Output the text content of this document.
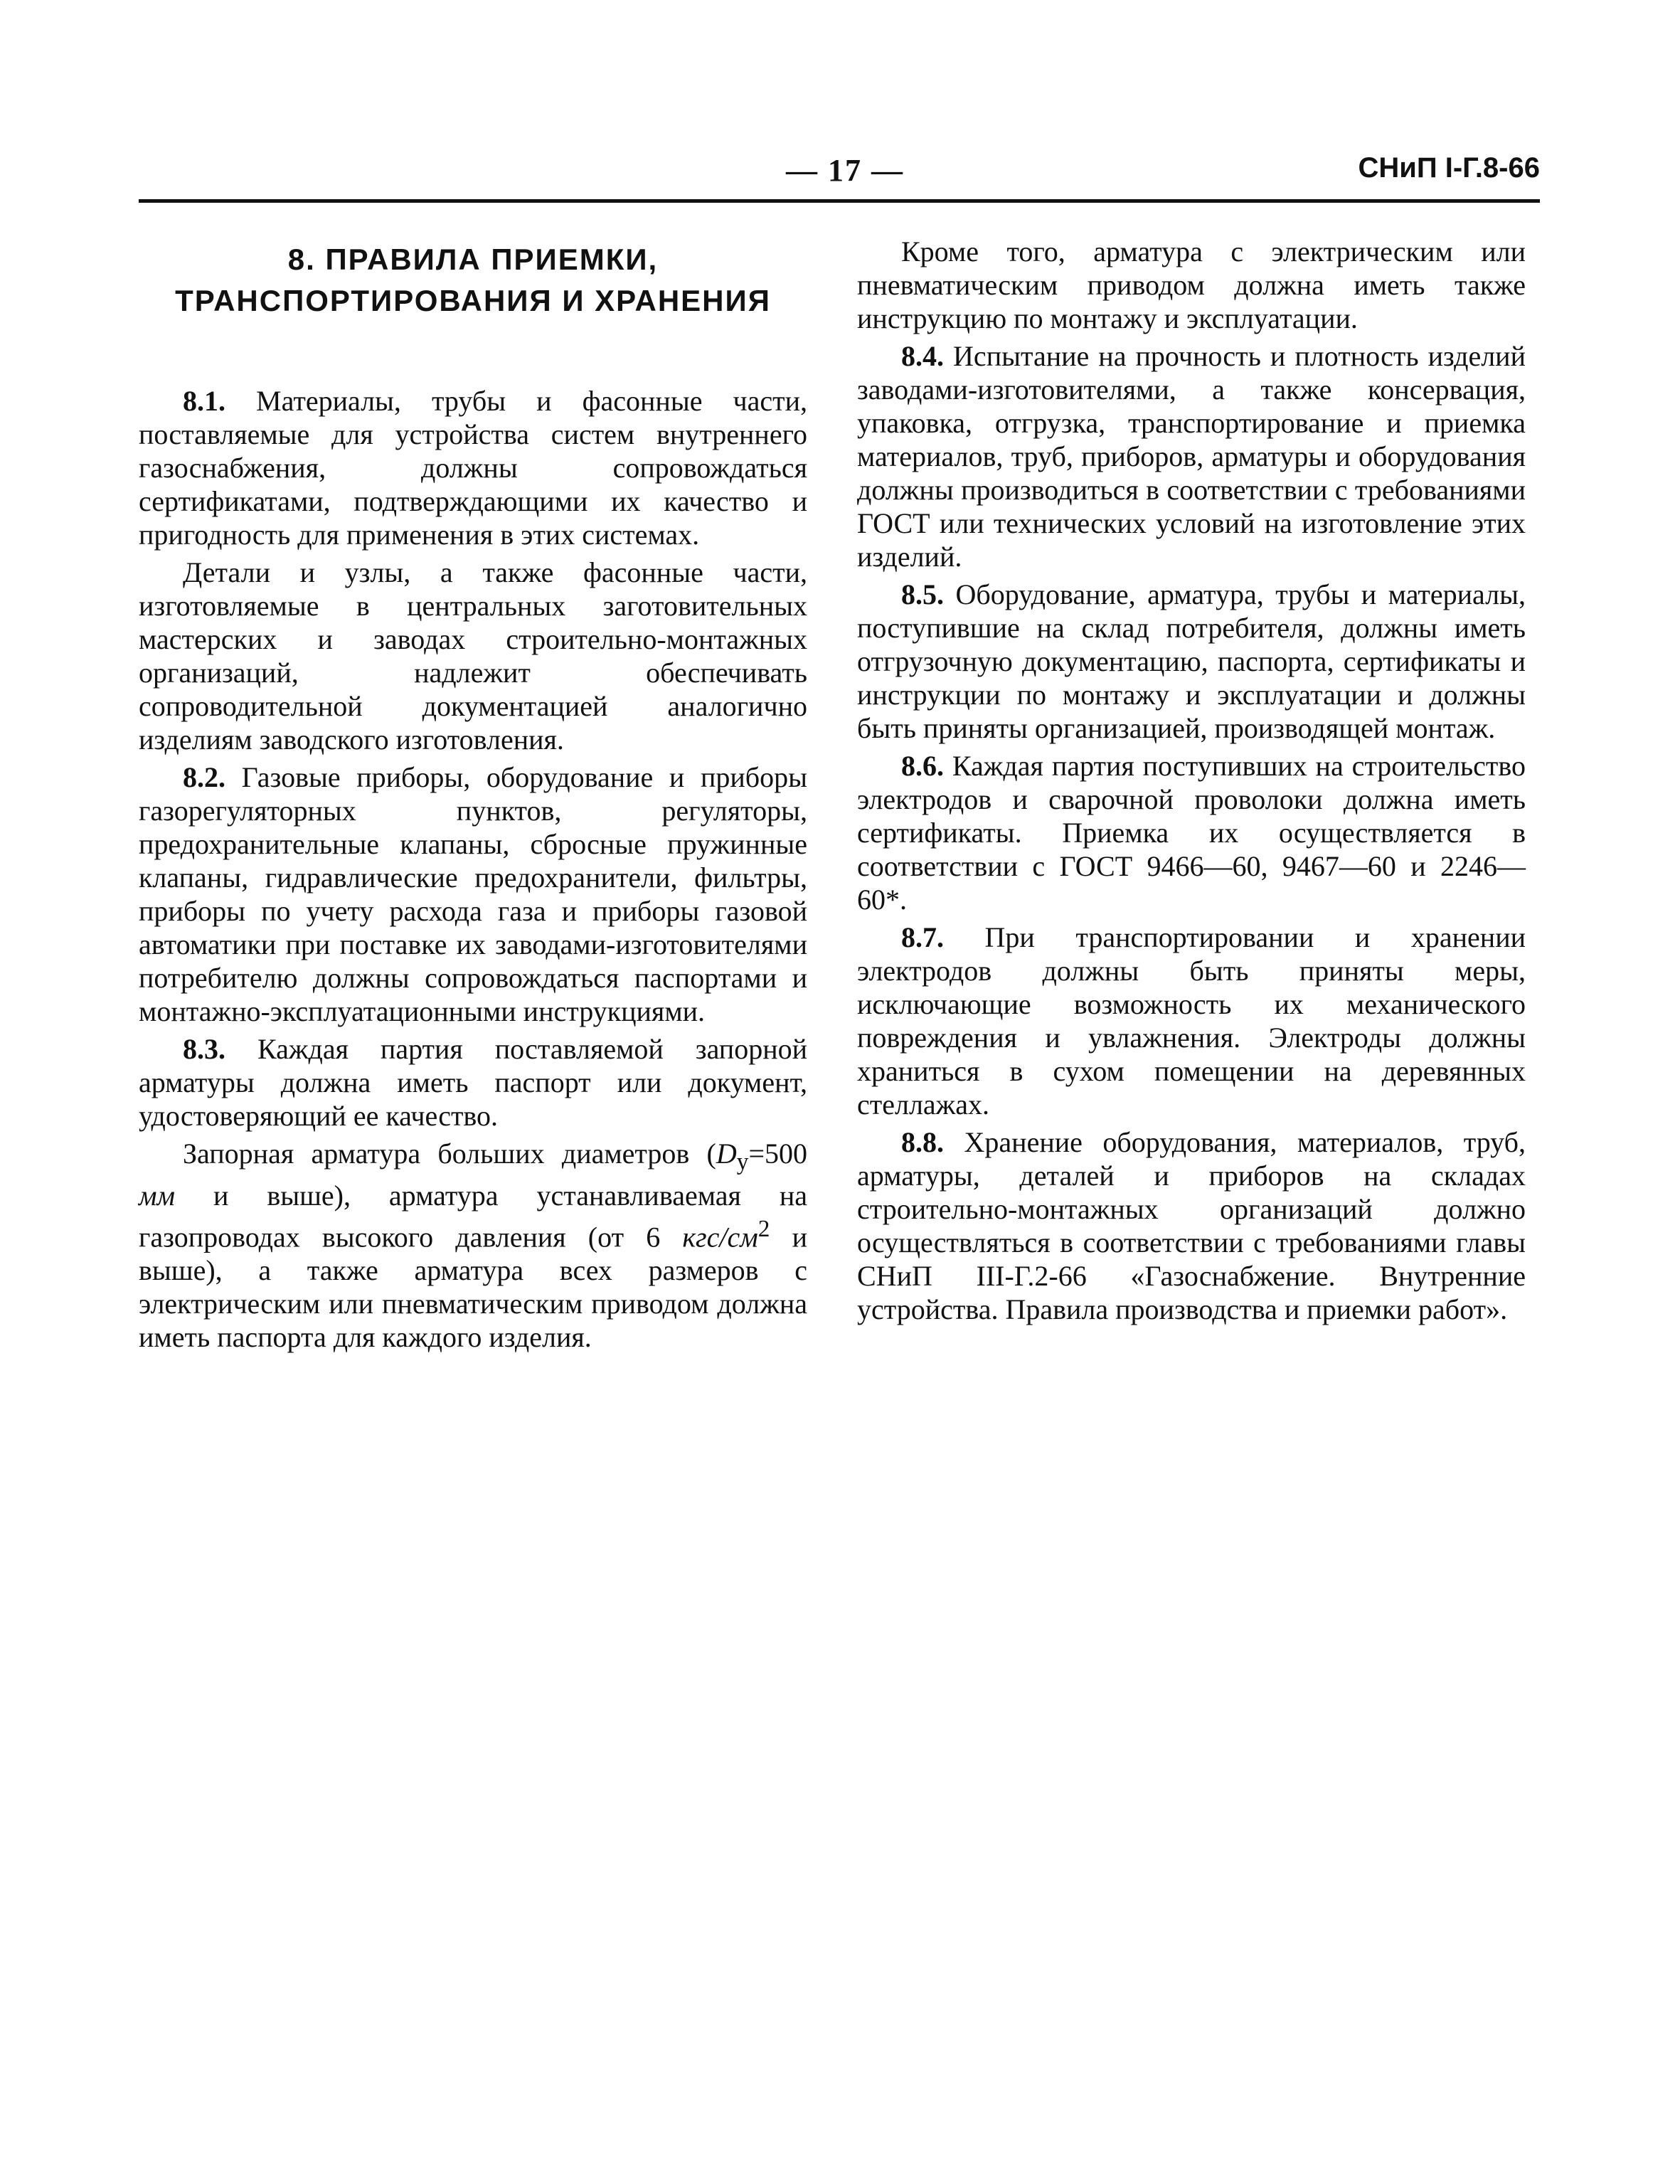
— 17 —	СНиП I-Г.8-66
8. ПРАВИЛА ПРИЕМКИ,
ТРАНСПОРТИРОВАНИЯ И ХРАНЕНИЯ

8.1. Материалы, трубы и фасонные части, поставляемые для устройства систем внутреннего газоснабжения, должны сопровождаться сертификатами, подтверждающими их качество и пригодность для применения в этих системах.

Детали и узлы, а также фасонные части, изготовляемые в центральных заготовительных мастерских и заводах строительно-монтажных организаций, надлежит обеспечивать сопроводительной документацией аналогично изделиям заводского изготовления.

8.2. Газовые приборы, оборудование и приборы газорегуляторных пунктов, регуляторы, предохранительные клапаны, сбросные пружинные клапаны, гидравлические предохранители, фильтры, приборы по учету расхода газа и приборы газовой автоматики при поставке их заводами-изготовителями потребителю должны сопровождаться паспортами и монтажно-эксплуатационными инструкциями.

8.3. Каждая партия поставляемой запорной арматуры должна иметь паспорт или документ, удостоверяющий ее качество.

Запорная арматура больших диаметров ($D_у=500$ мм и выше), арматура устанавливаемая на газопроводах высокого давления (от 6 кгс/$см^2$ и выше), а также арматура всех размеров с электрическим или пневматическим приводом должна иметь паспорта для каждого изделия.

Кроме того, арматура с электрическим или пневматическим приводом должна иметь также инструкцию по монтажу и эксплуатации.

8.4. Испытание на прочность и плотность изделий заводами-изготовителями, а также консервация, упаковка, отгрузка, транспортирование и приемка материалов, труб, приборов, арматуры и оборудования должны производиться в соответствии с требованиями ГОСТ или технических условий на изготовление этих изделий.

8.5. Оборудование, арматура, трубы и материалы, поступившие на склад потребителя, должны иметь отгрузочную документацию, паспорта, сертификаты и инструкции по монтажу и эксплуатации и должны быть приняты организацией, производящей монтаж.

8.6. Каждая партия поступивших на строительство электродов и сварочной проволоки должна иметь сертификаты. Приемка их осуществляется в соответствии с ГОСТ 9466—60, 9467—60 и 2246—60*.

8.7. При транспортировании и хранении электродов должны быть приняты меры, исключающие возможность их механического повреждения и увлажнения. Электроды должны храниться в сухом помещении на деревянных стеллажах.

8.8. Хранение оборудования, материалов, труб, арматуры, деталей и приборов на складах строительно-монтажных организаций должно осуществляться в соответствии с требованиями главы СНиП III-Г.2-66 «Газоснабжение. Внутренние устройства. Правила производства и приемки работ».
